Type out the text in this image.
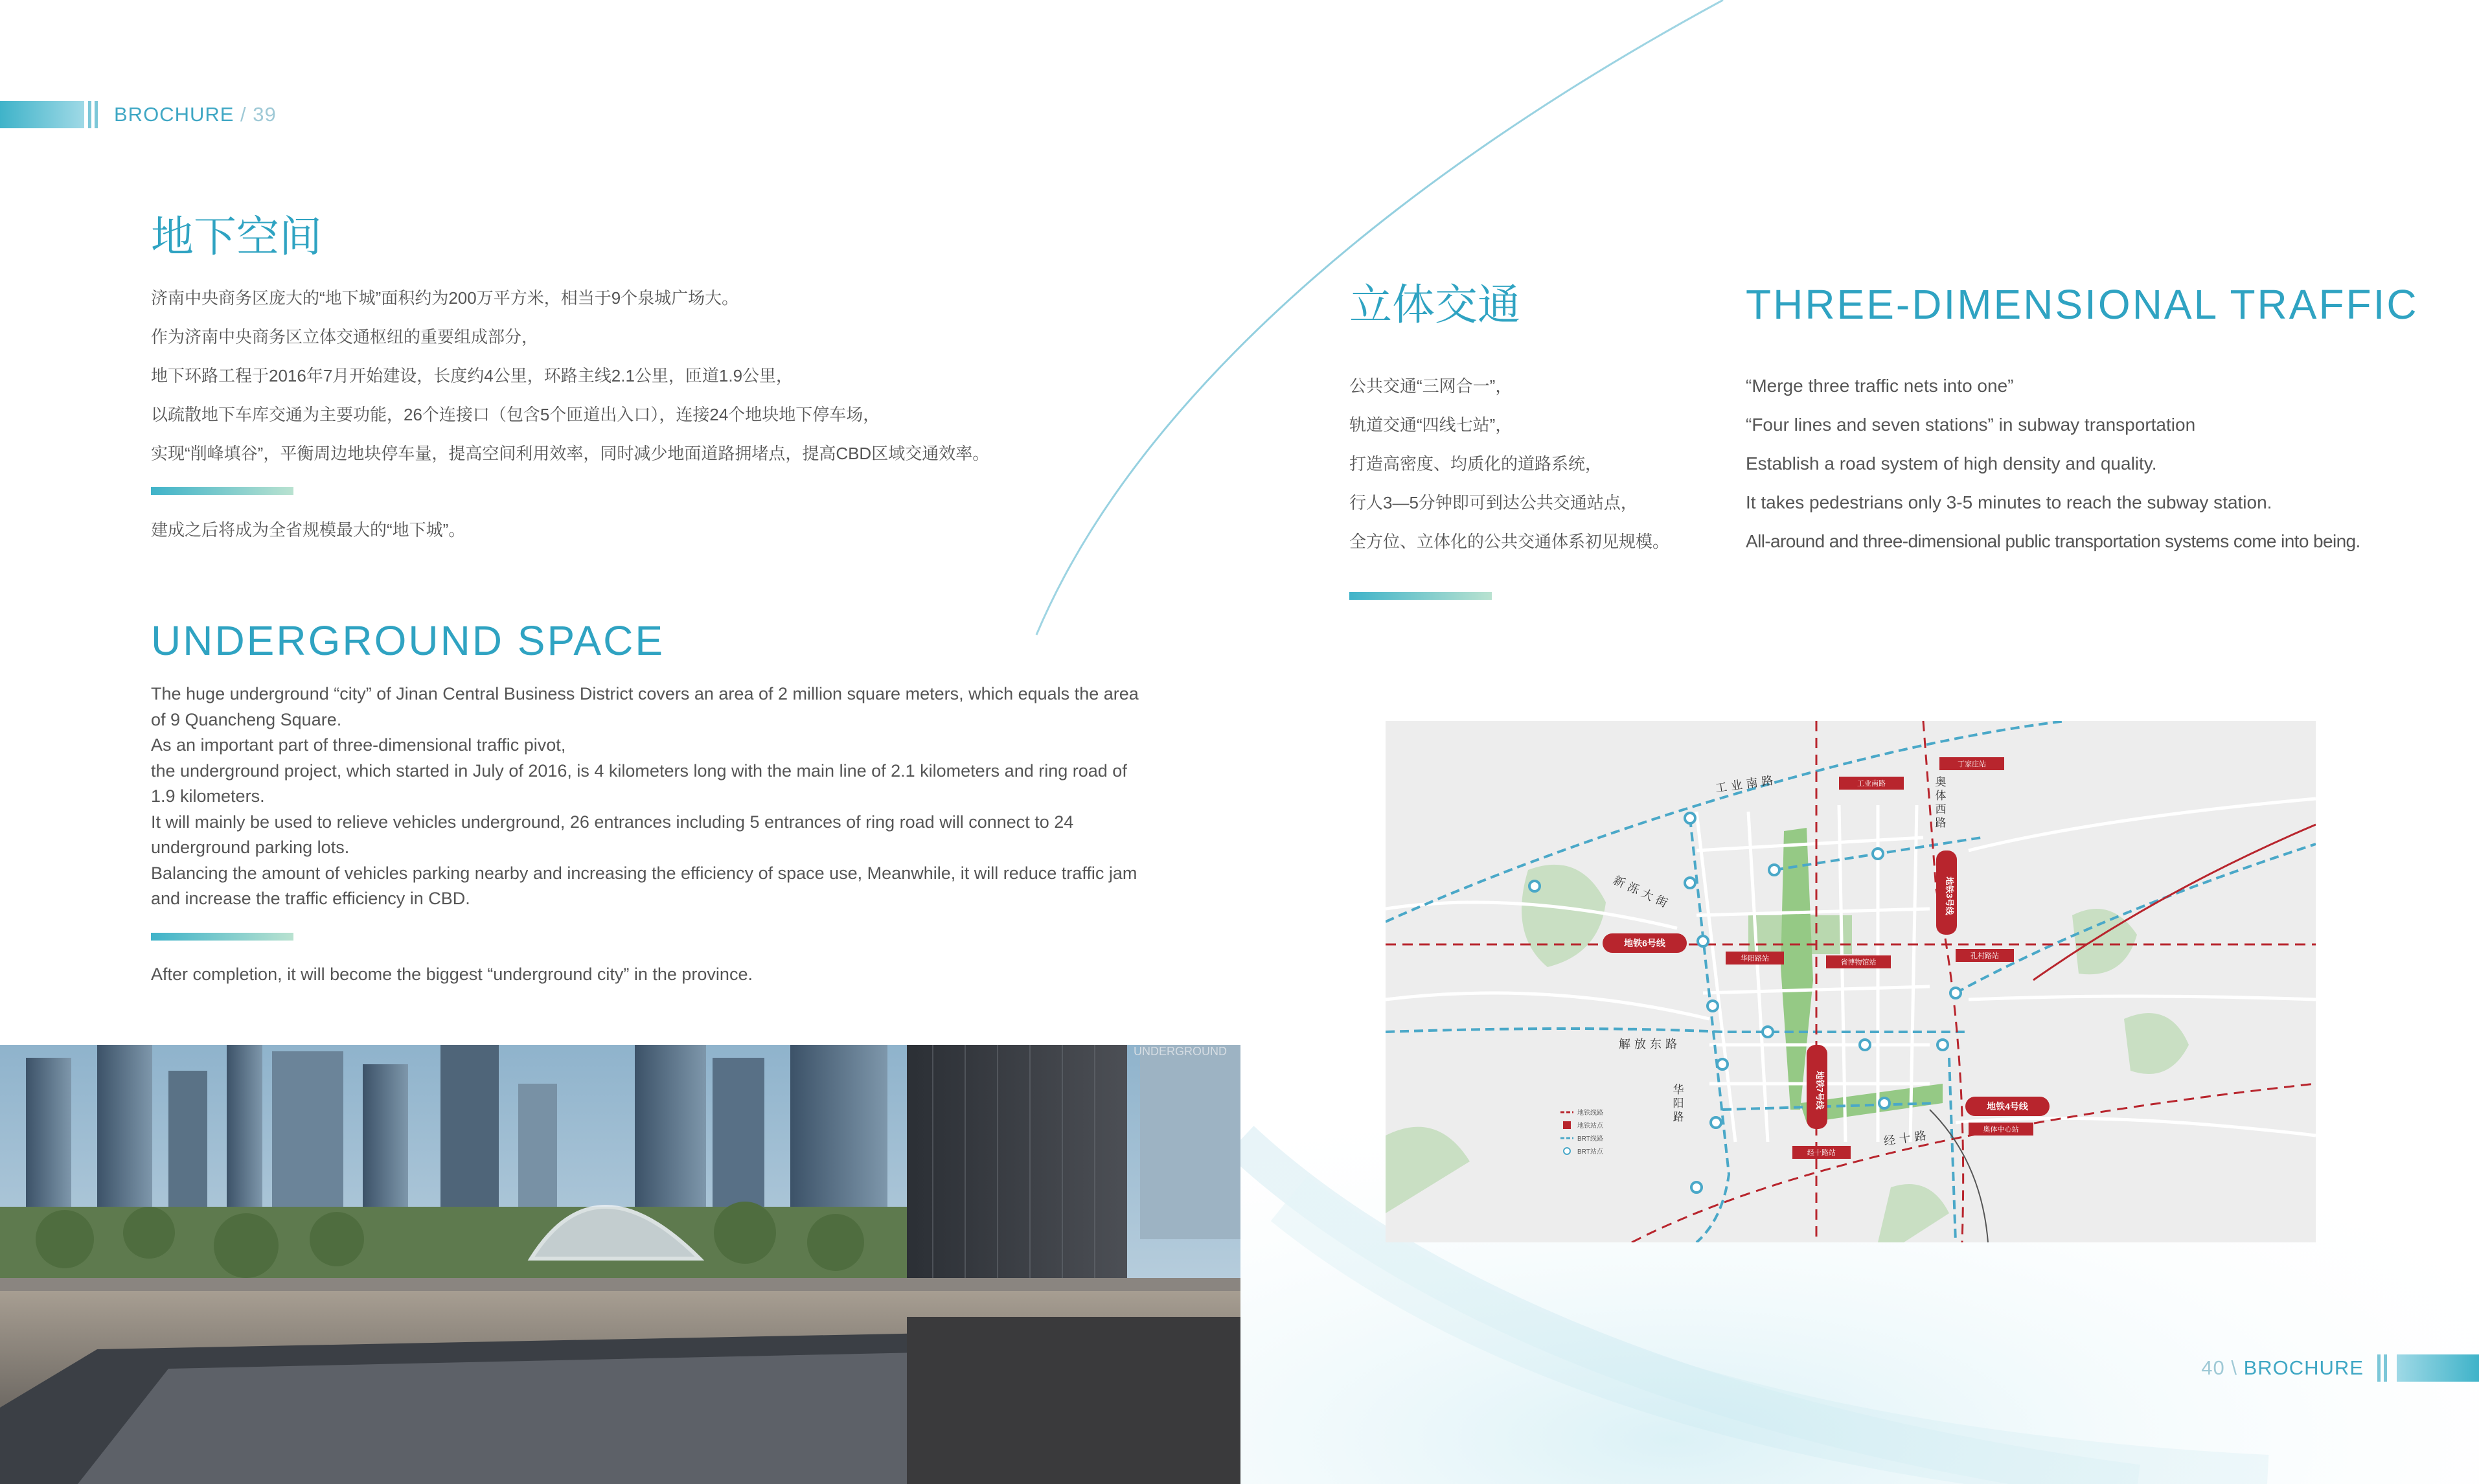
BROCHURE / 39
地下空间

济南中央商务区庞大的“地下城”面积约为200万平方米，相当于9个泉城广场大。

作为济南中央商务区立体交通枢纽的重要组成部分，

地下环路工程于2016年7月开始建设，长度约4公里，环路主线2.1公里，匝道1.9公里，

以疏散地下车库交通为主要功能，26个连接口（包含5个匝道出入口），连接24个地块地下停车场，

实现“削峰填谷”，平衡周边地块停车量，提高空间利用效率，同时减少地面道路拥堵点，提高CBD区域交通效率。

建成之后将成为全省规模最大的“地下城”。

UNDERGROUND SPACE

The huge underground “city” of Jinan Central Business District covers an area of 2 million square meters, which equals the area of 9 Quancheng Square.

As an important part of three-dimensional traffic pivot,

the underground project, which started in July of 2016, is 4 kilometers long with the main line of 2.1 kilometers and ring road of 1.9 kilometers.

It will mainly be used to relieve vehicles underground, 26 entrances including 5 entrances of ring road will connect to 24 underground parking lots.

Balancing the amount of vehicles parking nearby and increasing the efficiency of space use, Meanwhile, it will reduce traffic jam and increase the traffic efficiency in CBD.

After completion, it will become the biggest “underground city” in the province.

UNDERGROUND
立体交通	THREE-DIMENSIONAL TRAFFIC

公共交通“三网合一”，

轨道交通“四线七站”，

打造高密度、均质化的道路系统，

行人3—5分钟即可到达公共交通站点，

全方位、立体化的公共交通体系初见规模。

“Merge three traffic nets into one”

“Four lines and seven stations” in subway transportation

Establish a road system of high density and quality.

It takes pedestrians only 3-5 minutes to reach the subway station.

All-around and three-dimensional public transportation systems come into being.

地铁6号线
地铁3号线
地铁7号线	地铁4号线
工业南路
丁家庄站
华阳路站	省博物馆站
孔村路站
经十路站
奥体中心站
工业南路
新泺大街
解放东路
经十路
奥体西路
华阳路
地铁线路
地铁站点
BRT线路
BRT站点
40 \ BROCHURE
